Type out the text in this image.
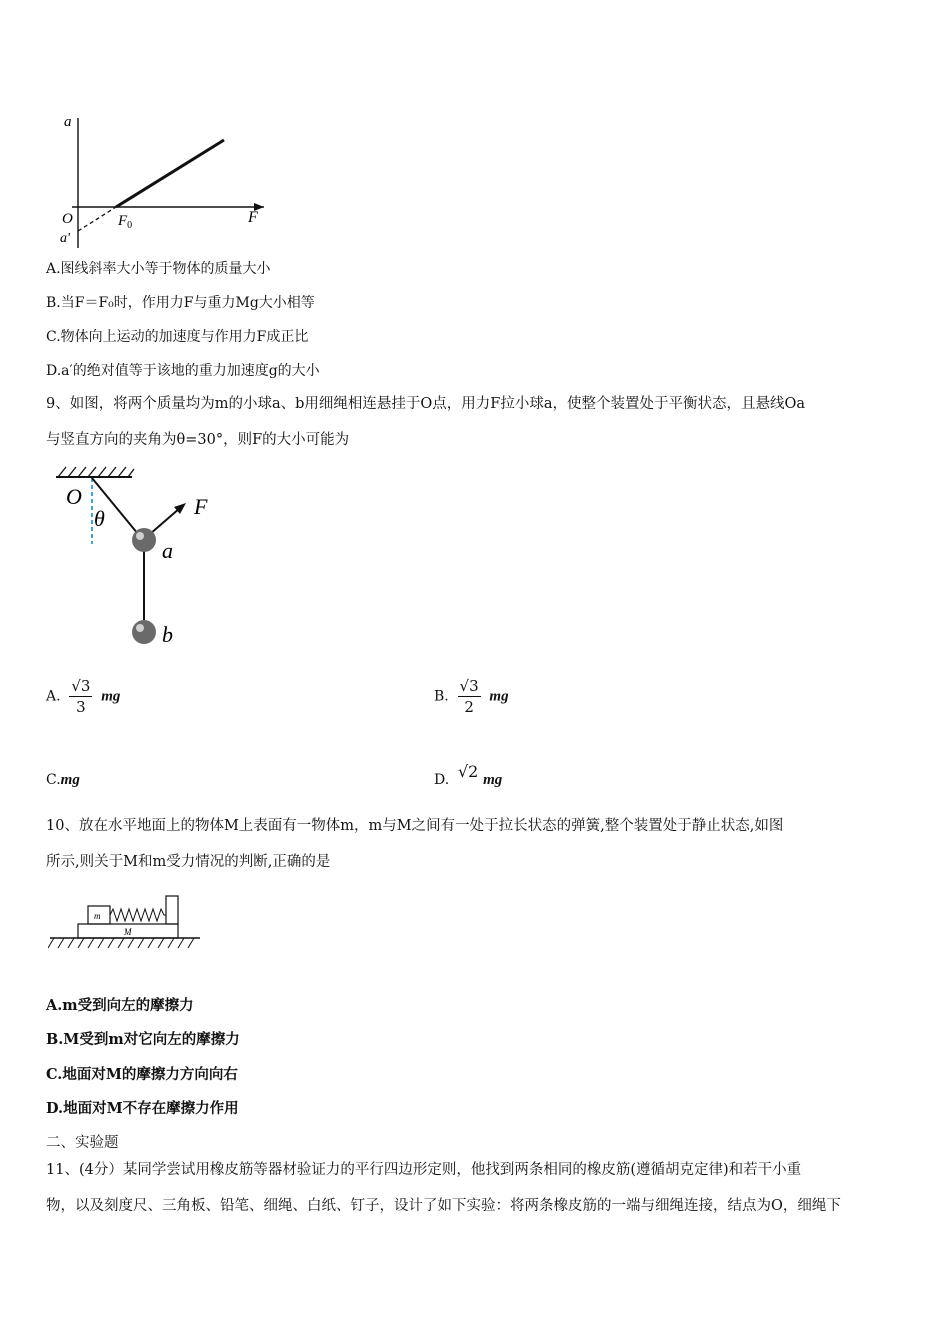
a
F
O	$F_0$
a'
A.图线斜率大小等于物体的质量大小
B.当F＝F₀时，作用力F与重力Mg大小相等
C.物体向上运动的加速度与作用力F成正比
D.a′的绝对值等于该地的重力加速度g的大小
9、如图，将两个质量均为m的小球a、b用细绳相连悬挂于O点，用力F拉小球a，使整个装置处于平衡状态，且悬线Oa
与竖直方向的夹角为θ=30°，则F的大小可能为
O
θ	F
a
b
A. $\frac{√3}{3}$ mg	B. $\frac{√3}{2}$ mg
C.mg	D. √2 mg
10、放在水平地面上的物体M上表面有一物体m，m与M之间有一处于拉长状态的弹簧,整个装置处于静止状态,如图
所示,则关于M和m受力情况的判断,正确的是
m
M
A.m受到向左的摩擦力
B.M受到m对它向左的摩擦力
C.地面对M的摩擦力方向向右
D.地面对M不存在摩擦力作用
二、实验题
11、(4分）某同学尝试用橡皮筋等器材验证力的平行四边形定则，他找到两条相同的橡皮筋(遵循胡克定律)和若干小重
物，以及刻度尺、三角板、铅笔、细绳、白纸、钉子，设计了如下实验：将两条橡皮筋的一端与细绳连接，结点为O，细绳下
